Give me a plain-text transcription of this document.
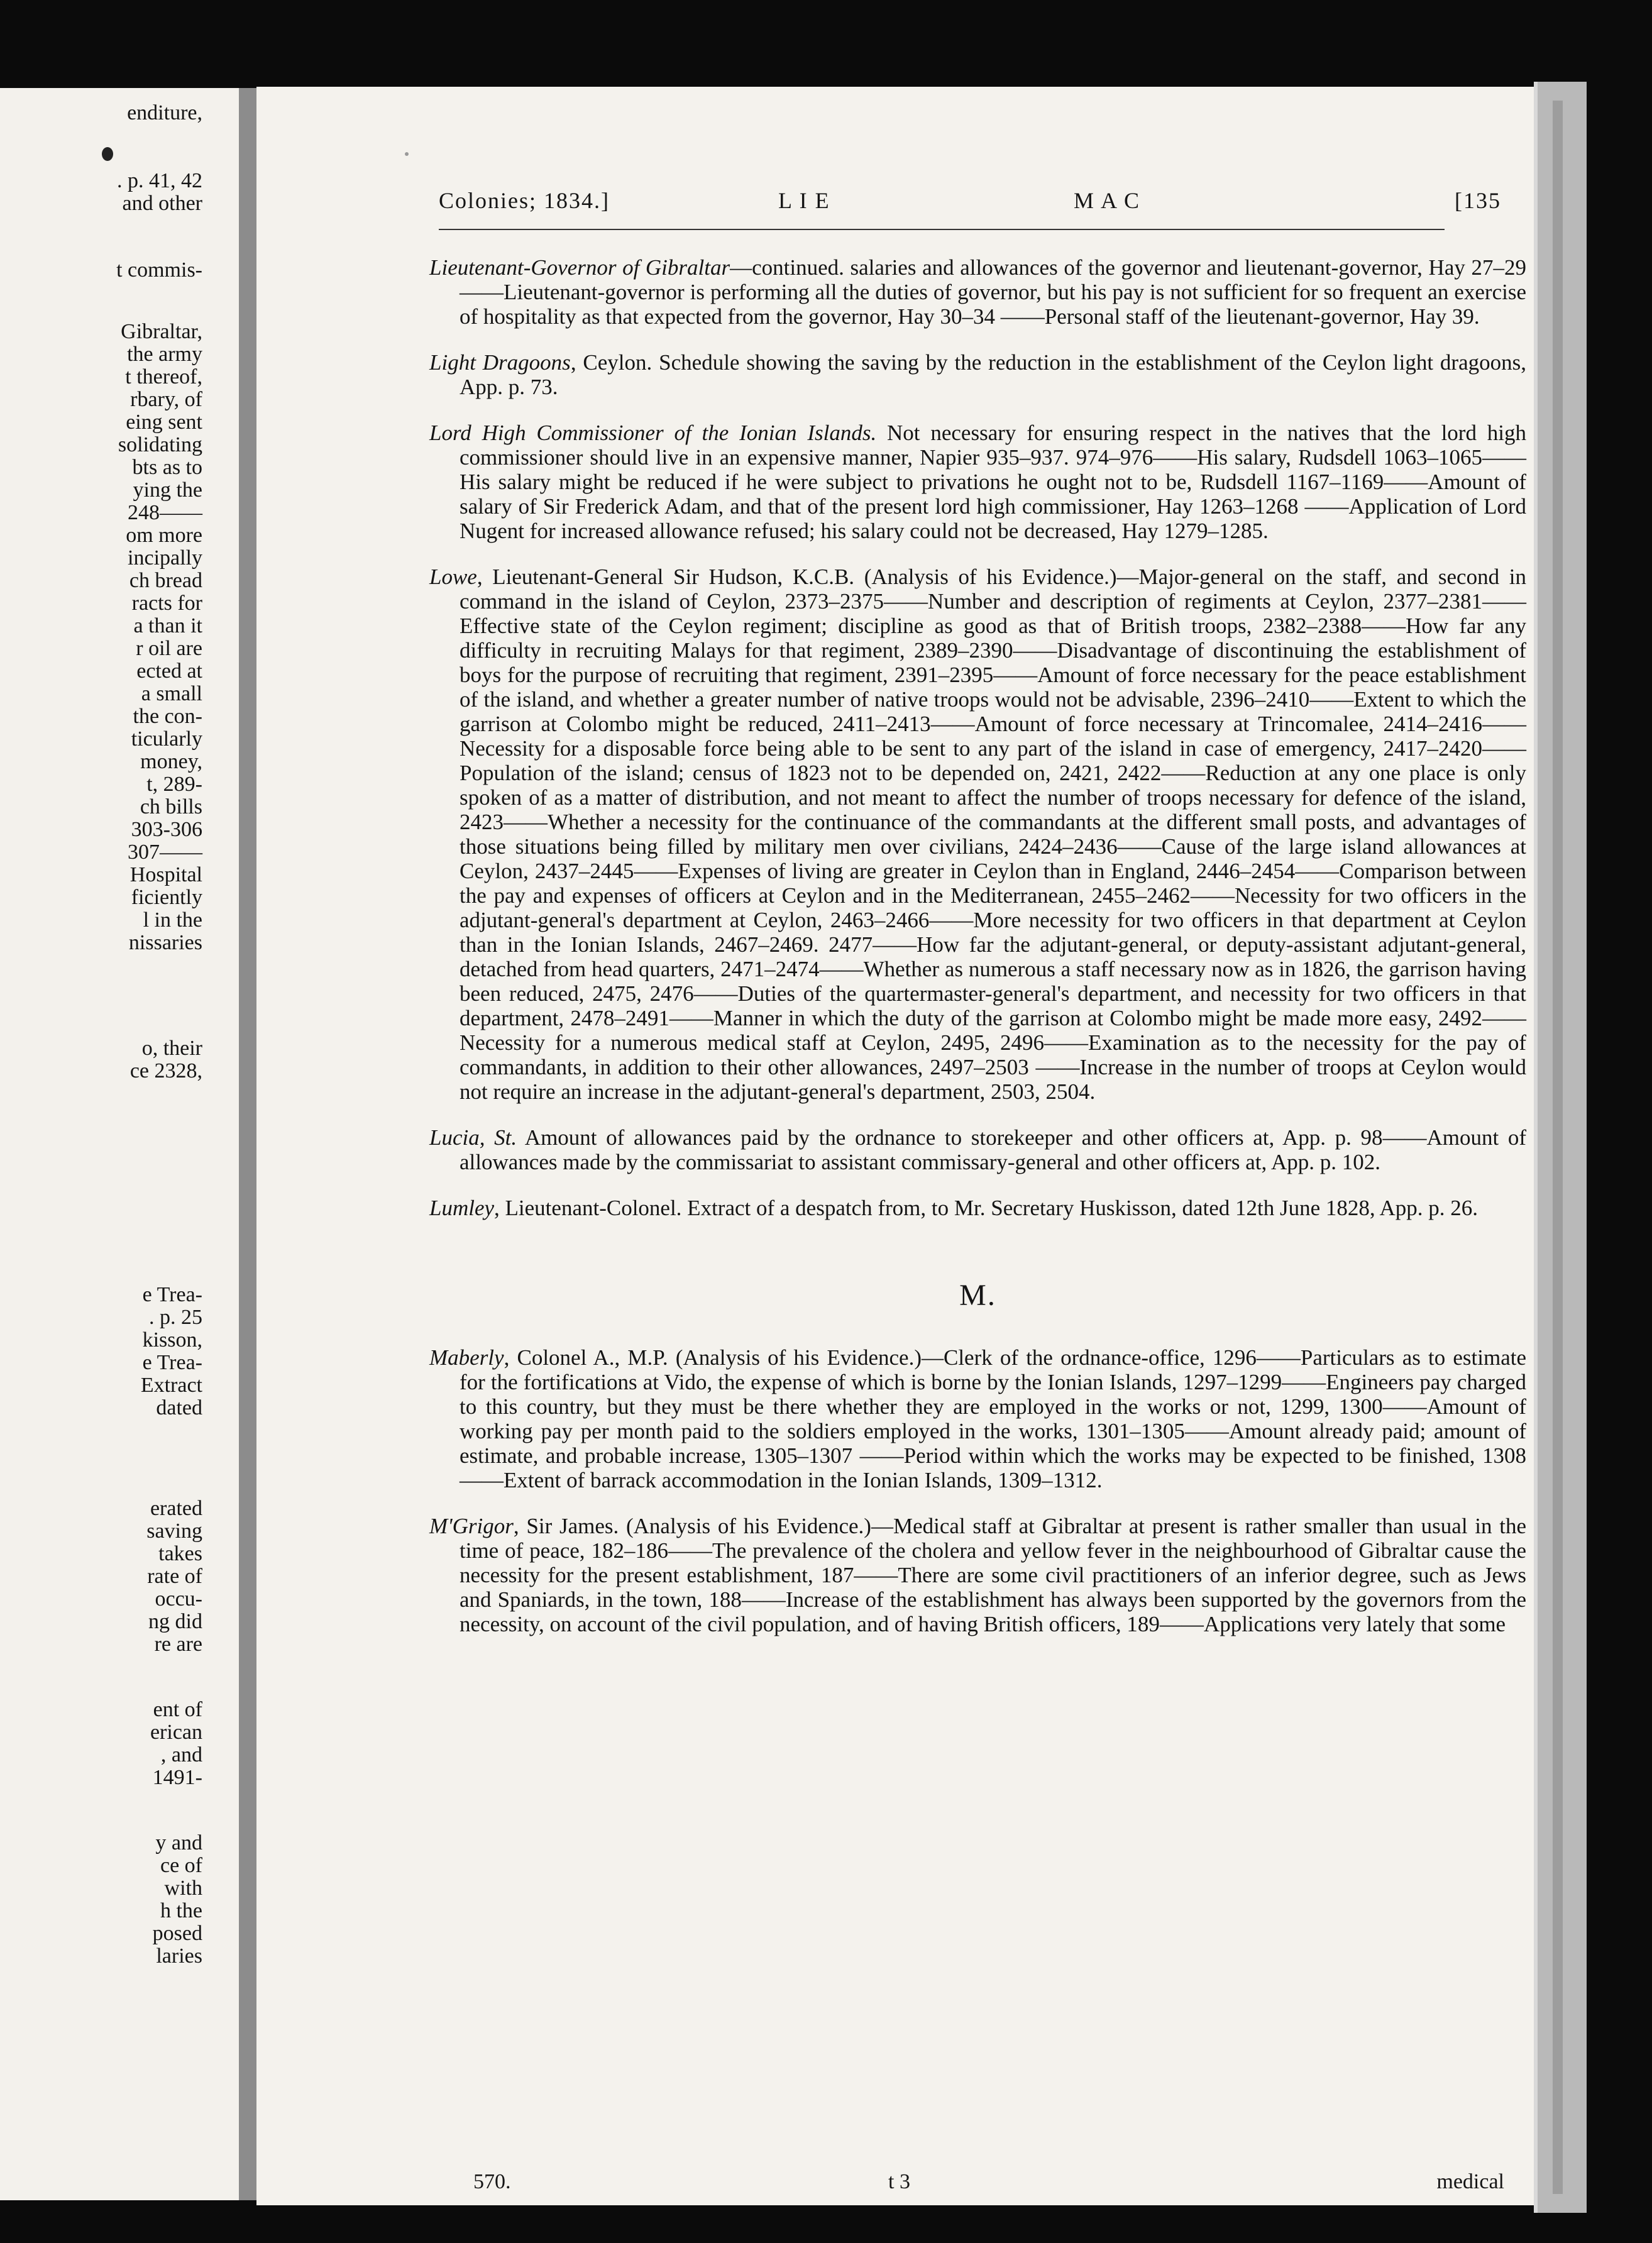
enditure,
. p. 41, 42
and other
t commis-
Gibraltar,
the army
t thereof,
rbary, of
eing sent
solidating
bts as to
ying the
248——
om more
incipally
ch bread
racts for
a than it
r oil are
ected at
a small
the con-
ticularly
money,
t, 289-
ch bills
303-306
307——
Hospital
ficiently
l in the
nissaries
o, their
ce 2328,
e Trea-
. p. 25
kisson,
e Trea-
Extract
dated
erated
saving
takes
rate of
occu-
ng did
re are
ent of
erican
, and
1491-
y and
ce of
with
h the
posed
laries
Colonies; 1834.]	L I E	M A C	[135
Lieutenant-Governor of Gibraltar—continued. salaries and allowances of the governor and lieutenant-governor, Hay 27–29——Lieutenant-governor is performing all the duties of governor, but his pay is not sufficient for so frequent an exercise of hospitality as that expected from the governor, Hay 30–34 ——Personal staff of the lieutenant-governor, Hay 39.
Light Dragoons, Ceylon. Schedule showing the saving by the reduction in the establishment of the Ceylon light dragoons, App. p. 73.
Lord High Commissioner of the Ionian Islands. Not necessary for ensuring respect in the natives that the lord high commissioner should live in an expensive manner, Napier 935–937. 974–976——His salary, Rudsdell 1063–1065——His salary might be reduced if he were subject to privations he ought not to be, Rudsdell 1167–1169——Amount of salary of Sir Frederick Adam, and that of the present lord high commissioner, Hay 1263–1268 ——Application of Lord Nugent for increased allowance refused; his salary could not be decreased, Hay 1279–1285.
Lowe, Lieutenant-General Sir Hudson, K.C.B. (Analysis of his Evidence.)—Major-general on the staff, and second in command in the island of Ceylon, 2373–2375——Number and description of regiments at Ceylon, 2377–2381——Effective state of the Ceylon regiment; discipline as good as that of British troops, 2382–2388——How far any difficulty in recruiting Malays for that regiment, 2389–2390——Disadvantage of discontinuing the establishment of boys for the purpose of recruiting that regiment, 2391–2395——Amount of force necessary for the peace establishment of the island, and whether a greater number of native troops would not be advisable, 2396–2410——Extent to which the garrison at Colombo might be reduced, 2411–2413——Amount of force necessary at Trincomalee, 2414–2416——Necessity for a disposable force being able to be sent to any part of the island in case of emergency, 2417–2420——Population of the island; census of 1823 not to be depended on, 2421, 2422——Reduction at any one place is only spoken of as a matter of distribution, and not meant to affect the number of troops necessary for defence of the island, 2423——Whether a necessity for the continuance of the commandants at the different small posts, and advantages of those situations being filled by military men over civilians, 2424–2436——Cause of the large island allowances at Ceylon, 2437–2445——Expenses of living are greater in Ceylon than in England, 2446–2454——Comparison between the pay and expenses of officers at Ceylon and in the Mediterranean, 2455–2462——Necessity for two officers in the adjutant-general's department at Ceylon, 2463–2466——More necessity for two officers in that department at Ceylon than in the Ionian Islands, 2467–2469. 2477——How far the adjutant-general, or deputy-assistant adjutant-general, detached from head quarters, 2471–2474——Whether as numerous a staff necessary now as in 1826, the garrison having been reduced, 2475, 2476——Duties of the quartermaster-general's department, and necessity for two officers in that department, 2478–2491——Manner in which the duty of the garrison at Colombo might be made more easy, 2492——Necessity for a numerous medical staff at Ceylon, 2495, 2496——Examination as to the necessity for the pay of commandants, in addition to their other allowances, 2497–2503 ——Increase in the number of troops at Ceylon would not require an increase in the adjutant-general's department, 2503, 2504.
Lucia, St. Amount of allowances paid by the ordnance to storekeeper and other officers at, App. p. 98——Amount of allowances made by the commissariat to assistant commissary-general and other officers at, App. p. 102.
Lumley, Lieutenant-Colonel. Extract of a despatch from, to Mr. Secretary Huskisson, dated 12th June 1828, App. p. 26.
M.
Maberly, Colonel A., M.P. (Analysis of his Evidence.)—Clerk of the ordnance-office, 1296——Particulars as to estimate for the fortifications at Vido, the expense of which is borne by the Ionian Islands, 1297–1299——Engineers pay charged to this country, but they must be there whether they are employed in the works or not, 1299, 1300——Amount of working pay per month paid to the soldiers employed in the works, 1301–1305——Amount already paid; amount of estimate, and probable increase, 1305–1307 ——Period within which the works may be expected to be finished, 1308——Extent of barrack accommodation in the Ionian Islands, 1309–1312.
M'Grigor, Sir James. (Analysis of his Evidence.)—Medical staff at Gibraltar at present is rather smaller than usual in the time of peace, 182–186——The prevalence of the cholera and yellow fever in the neighbourhood of Gibraltar cause the necessity for the present establishment, 187——There are some civil practitioners of an inferior degree, such as Jews and Spaniards, in the town, 188——Increase of the establishment has always been supported by the governors from the necessity, on account of the civil population, and of having British officers, 189——Applications very lately that some
570.	t 3	medical
